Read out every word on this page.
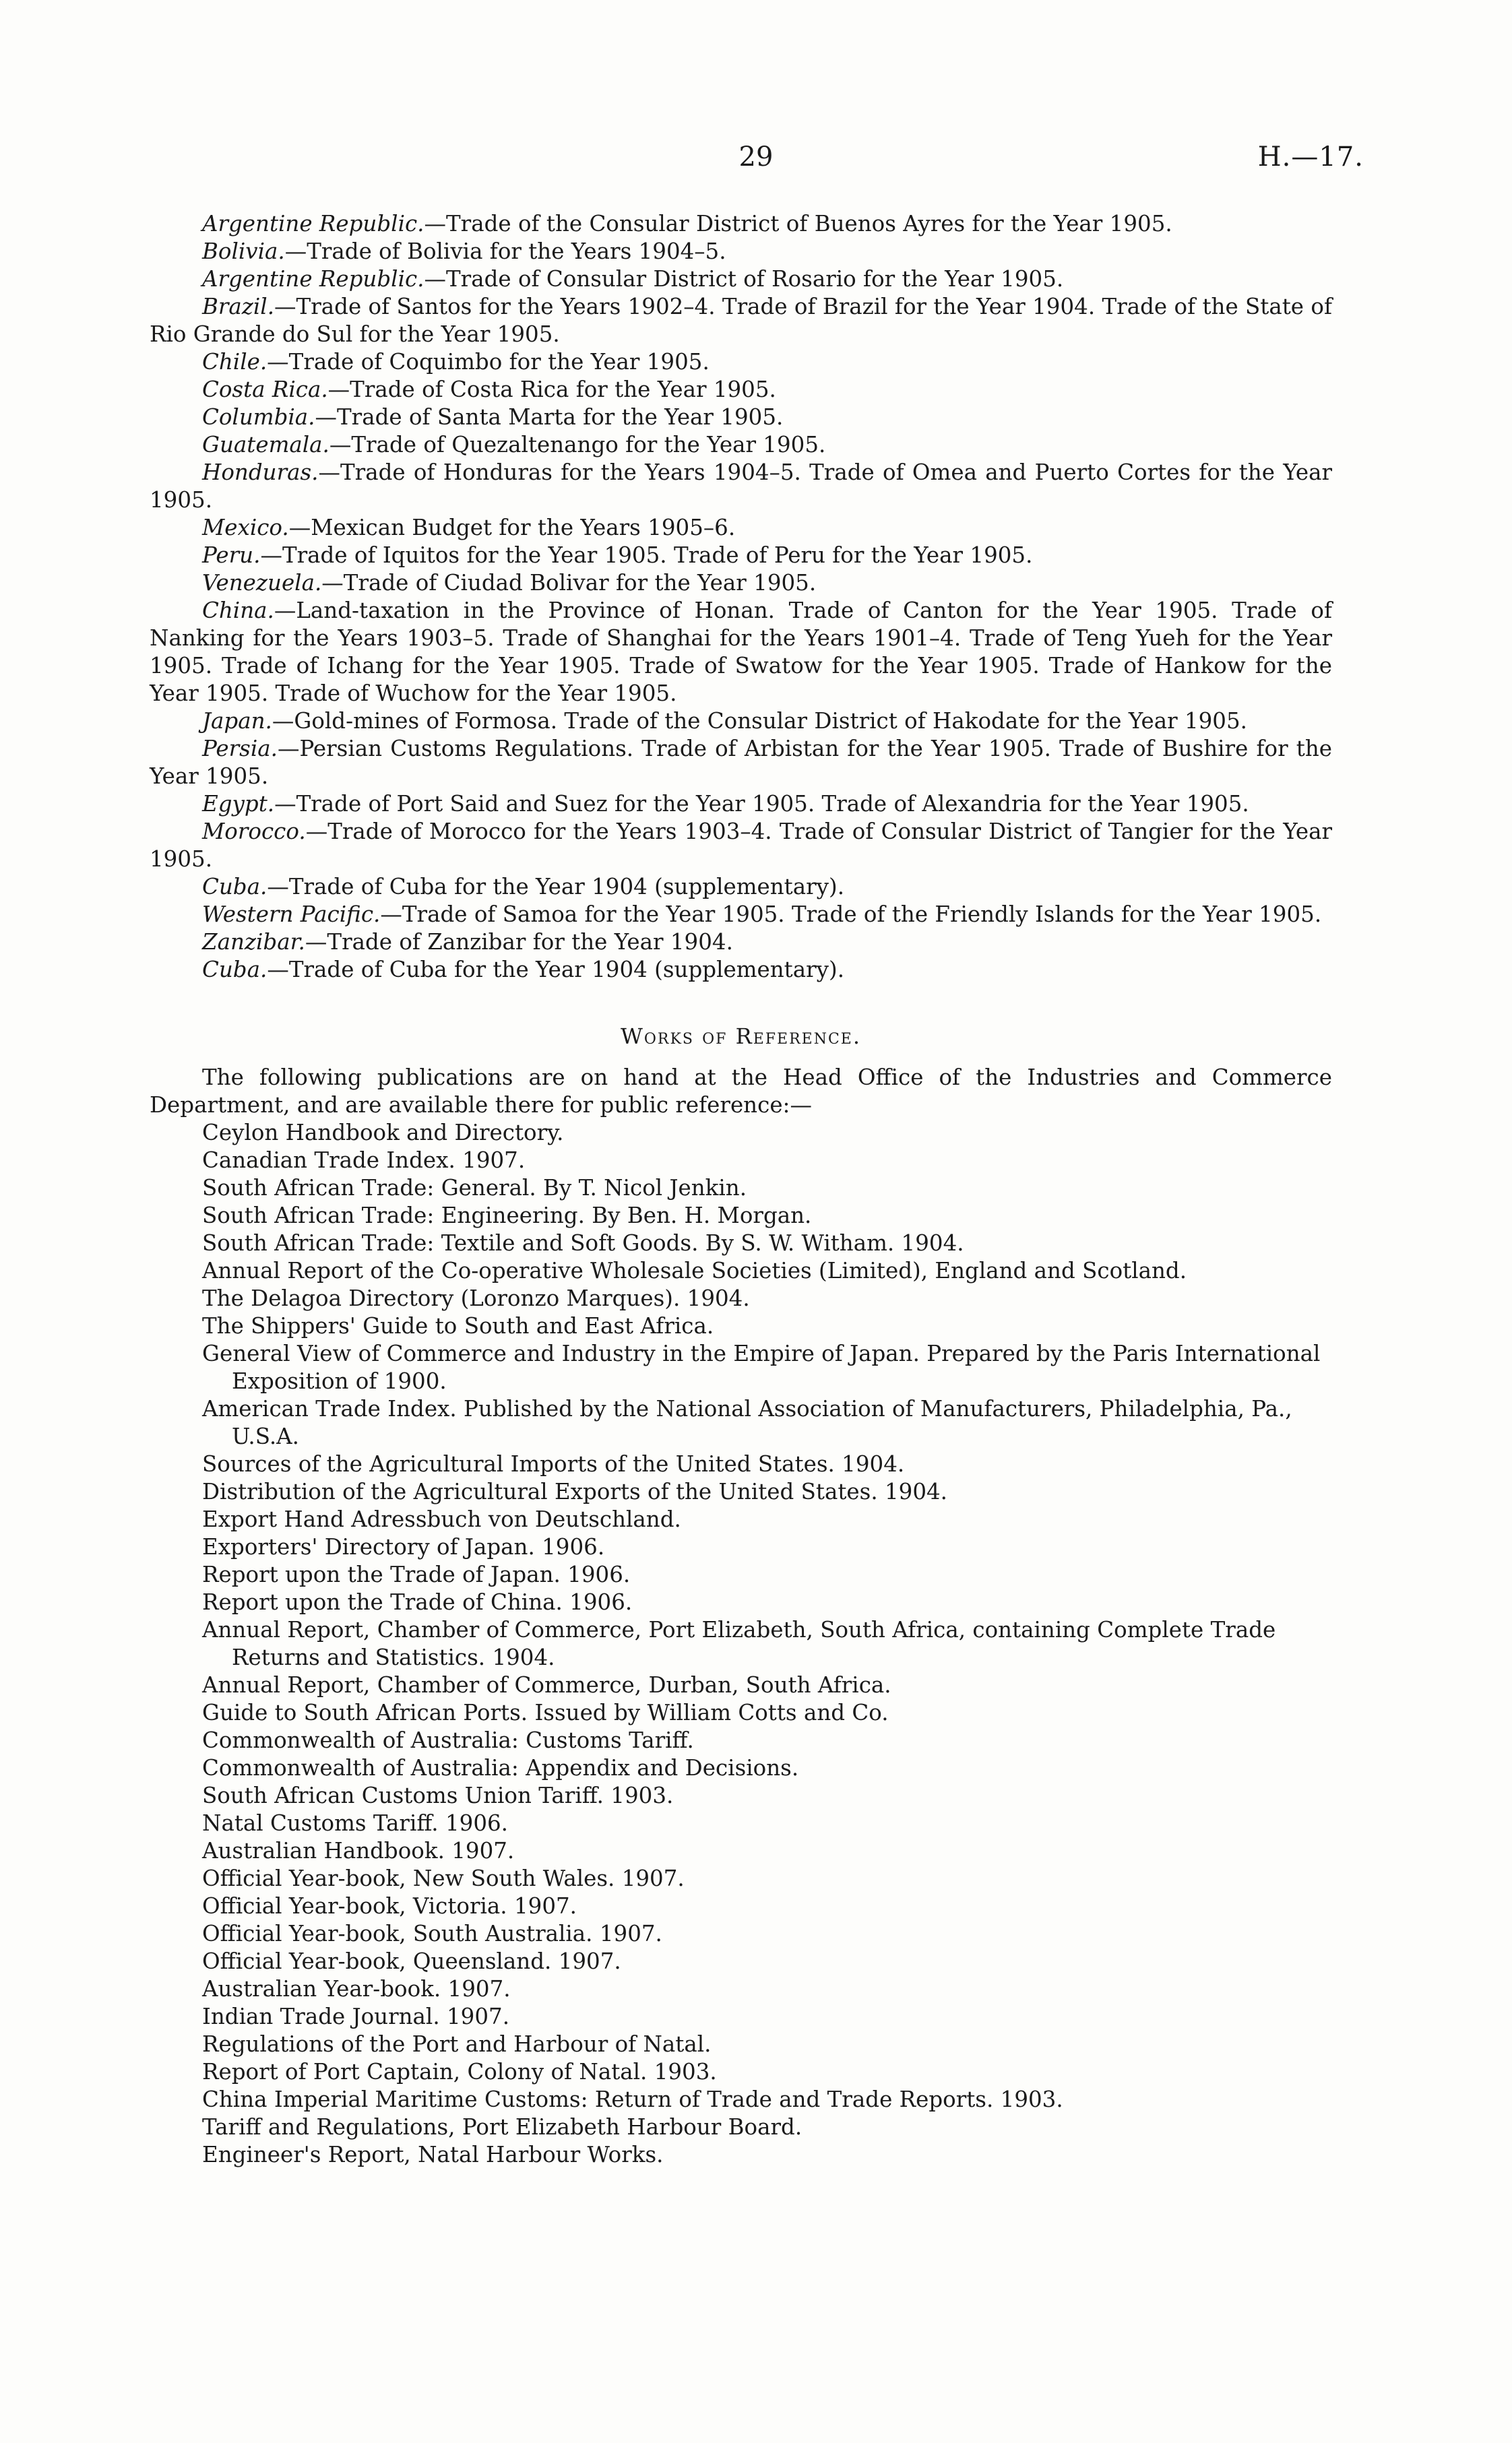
29	H.—17.

Argentine Republic.—Trade of the Consular District of Buenos Ayres for the Year 1905.

Bolivia.—Trade of Bolivia for the Years 1904–5.

Argentine Republic.—Trade of Consular District of Rosario for the Year 1905.

Brazil.—Trade of Santos for the Years 1902–4. Trade of Brazil for the Year 1904. Trade of the State of Rio Grande do Sul for the Year 1905.

Chile.—Trade of Coquimbo for the Year 1905.

Costa Rica.—Trade of Costa Rica for the Year 1905.

Columbia.—Trade of Santa Marta for the Year 1905.

Guatemala.—Trade of Quezaltenango for the Year 1905.

Honduras.—Trade of Honduras for the Years 1904–5. Trade of Omea and Puerto Cortes for the Year 1905.

Mexico.—Mexican Budget for the Years 1905–6.

Peru.—Trade of Iquitos for the Year 1905. Trade of Peru for the Year 1905.

Venezuela.—Trade of Ciudad Bolivar for the Year 1905.

China.—Land-taxation in the Province of Honan. Trade of Canton for the Year 1905. Trade of Nanking for the Years 1903–5. Trade of Shanghai for the Years 1901–4. Trade of Teng Yueh for the Year 1905. Trade of Ichang for the Year 1905. Trade of Swatow for the Year 1905. Trade of Hankow for the Year 1905. Trade of Wuchow for the Year 1905.

Japan.—Gold-mines of Formosa. Trade of the Consular District of Hakodate for the Year 1905.

Persia.—Persian Customs Regulations. Trade of Arbistan for the Year 1905. Trade of Bushire for the Year 1905.

Egypt.—Trade of Port Said and Suez for the Year 1905. Trade of Alexandria for the Year 1905.

Morocco.—Trade of Morocco for the Years 1903–4. Trade of Consular District of Tangier for the Year 1905.

Cuba.—Trade of Cuba for the Year 1904 (supplementary).

Western Pacific.—Trade of Samoa for the Year 1905. Trade of the Friendly Islands for the Year 1905.

Zanzibar.—Trade of Zanzibar for the Year 1904.

Cuba.—Trade of Cuba for the Year 1904 (supplementary).

Works of Reference.

The following publications are on hand at the Head Office of the Industries and Commerce Department, and are available there for public reference:—

Ceylon Handbook and Directory.
Canadian Trade Index. 1907.
South African Trade: General. By T. Nicol Jenkin.
South African Trade: Engineering. By Ben. H. Morgan.
South African Trade: Textile and Soft Goods. By S. W. Witham. 1904.
Annual Report of the Co-operative Wholesale Societies (Limited), England and Scotland.
The Delagoa Directory (Loronzo Marques). 1904.
The Shippers' Guide to South and East Africa.
General View of Commerce and Industry in the Empire of Japan. Prepared by the Paris International Exposition of 1900.
American Trade Index. Published by the National Association of Manufacturers, Philadelphia, Pa., U.S.A.
Sources of the Agricultural Imports of the United States. 1904.
Distribution of the Agricultural Exports of the United States. 1904.
Export Hand Adressbuch von Deutschland.
Exporters' Directory of Japan. 1906.
Report upon the Trade of Japan. 1906.
Report upon the Trade of China. 1906.
Annual Report, Chamber of Commerce, Port Elizabeth, South Africa, containing Complete Trade Returns and Statistics. 1904.
Annual Report, Chamber of Commerce, Durban, South Africa.
Guide to South African Ports. Issued by William Cotts and Co.
Commonwealth of Australia: Customs Tariff.
Commonwealth of Australia: Appendix and Decisions.
South African Customs Union Tariff. 1903.
Natal Customs Tariff. 1906.
Australian Handbook. 1907.
Official Year-book, New South Wales. 1907.
Official Year-book, Victoria. 1907.
Official Year-book, South Australia. 1907.
Official Year-book, Queensland. 1907.
Australian Year-book. 1907.
Indian Trade Journal. 1907.
Regulations of the Port and Harbour of Natal.
Report of Port Captain, Colony of Natal. 1903.
China Imperial Maritime Customs: Return of Trade and Trade Reports. 1903.
Tariff and Regulations, Port Elizabeth Harbour Board.
Engineer's Report, Natal Harbour Works.
